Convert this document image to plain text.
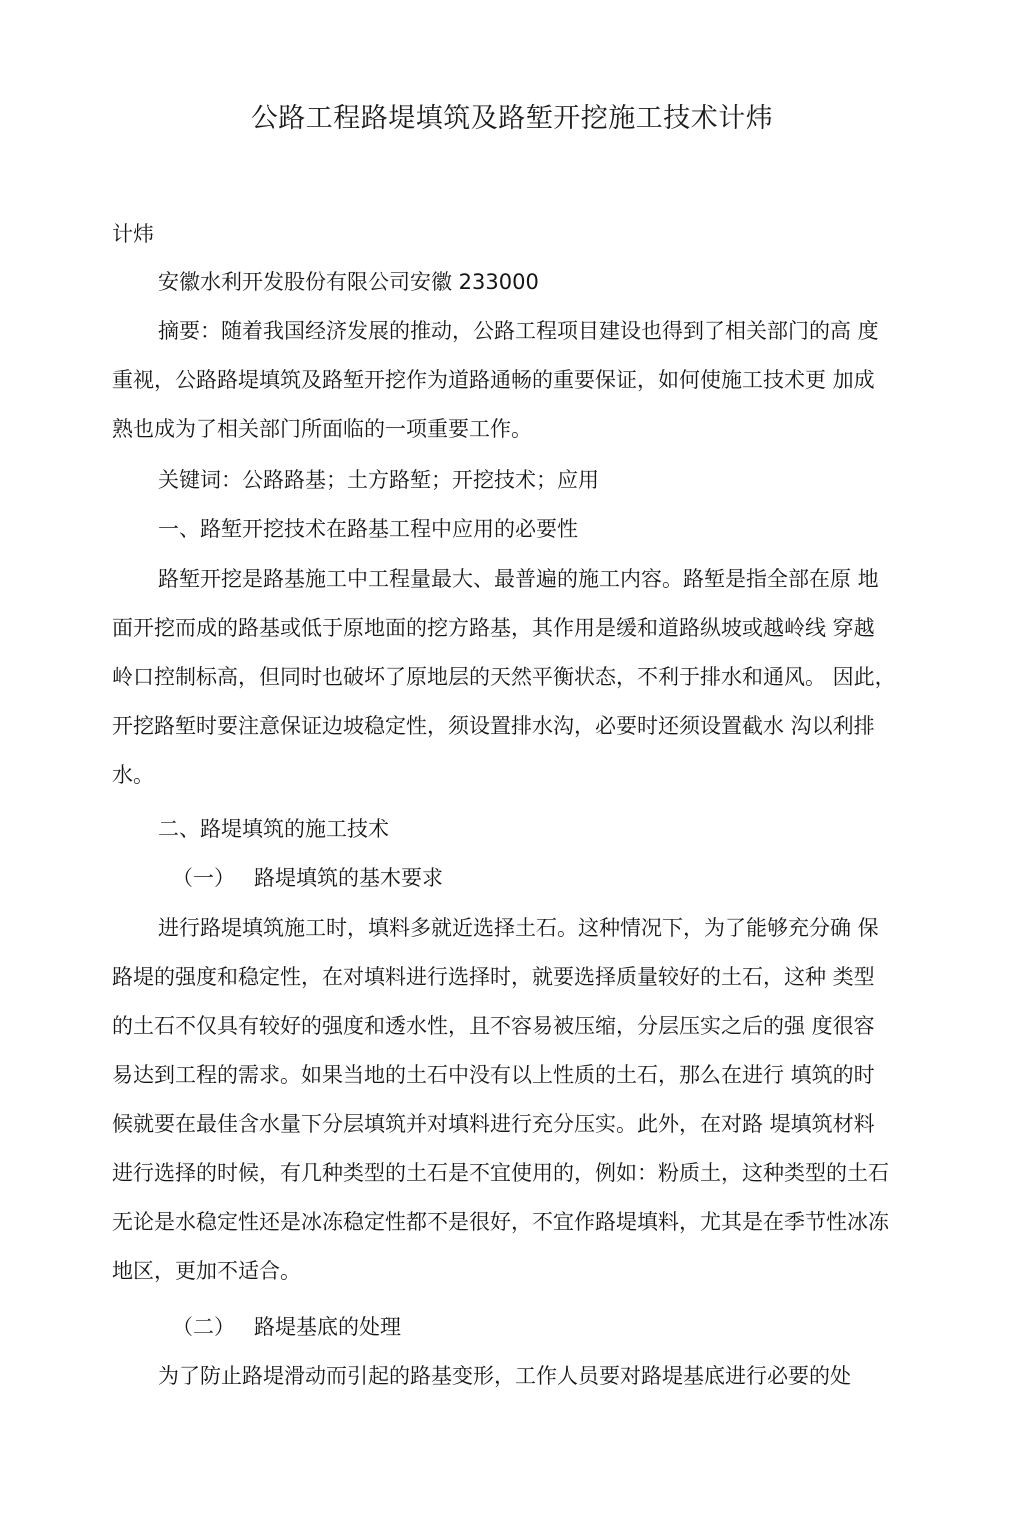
公路工程路堤填筑及路堑开挖施工技术计炜
计炜
安徽水利开发股份有限公司安徽 233000
摘要：随着我国经济发展的推动，公路工程项目建设也得到了相关部门的高 度
重视，公路路堤填筑及路堑开挖作为道路通畅的重要保证，如何使施工技术更 加成
熟也成为了相关部门所面临的一项重要工作。
关键词：公路路基；土方路堑；开挖技术；应用
一、路堑开挖技术在路基工程中应用的必要性
路堑开挖是路基施工中工程量最大、最普遍的施工内容。路堑是指全部在原 地
面开挖而成的路基或低于原地面的挖方路基，其作用是缓和道路纵坡或越岭线 穿越
岭口控制标高，但同时也破坏了原地层的天然平衡状态，不利于排水和通风。 因此，
开挖路堑时要注意保证边坡稳定性，须设置排水沟，必要时还须设置截水 沟以利排
水。
二、路堤填筑的施工技术
（一） 路堤填筑的基木要求
进行路堤填筑施工时，填料多就近选择土石。这种情况下，为了能够充分确 保
路堤的强度和稳定性，在对填料进行选择时，就要选择质量较好的土石，这种 类型
的土石不仅具有较好的强度和透水性，且不容易被压缩，分层压实之后的强 度很容
易达到工程的需求。如果当地的土石中没有以上性质的土石，那么在进行 填筑的时
候就要在最佳含水量下分层填筑并对填料进行充分压实。此外，在对路 堤填筑材料
进行选择的时候，有几种类型的土石是不宜使用的，例如：粉质土，这种类型的土石
无论是水稳定性还是冰冻稳定性都不是很好，不宜作路堤填料，尤其是在季节性冰冻
地区，更加不适合。
（二） 路堤基底的处理
为了防止路堤滑动而引起的路基变形，工作人员要对路堤基底进行必要的处
